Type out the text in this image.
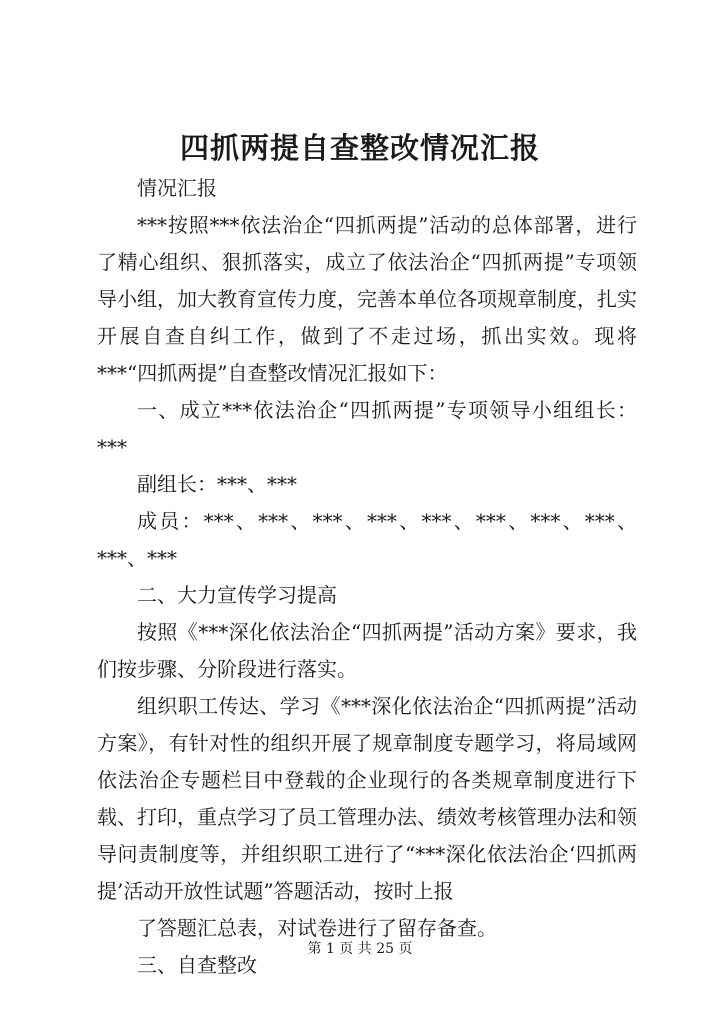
四抓两提自查整改情况汇报

情况汇报

***按照***依法治企“四抓两提”活动的总体部署，进行了精心组织、狠抓落实，成立了依法治企“四抓两提”专项领导小组，加大教育宣传力度，完善本单位各项规章制度，扎实开展自查自纠工作，做到了不走过场，抓出实效。现将***“四抓两提”自查整改情况汇报如下：

一、成立***依法治企“四抓两提”专项领导小组组长：***

副组长：***、***

成员：***、***、***、***、***、***、***、***、***、***

二、大力宣传学习提高

按照《***深化依法治企“四抓两提”活动方案》要求，我们按步骤、分阶段进行落实。

组织职工传达、学习《***深化依法治企“四抓两提”活动方案》，有针对性的组织开展了规章制度专题学习，将局域网依法治企专题栏目中登载的企业现行的各类规章制度进行下载、打印，重点学习了员工管理办法、绩效考核管理办法和领导问责制度等，并组织职工进行了“***深化依法治企‘四抓两提’活动开放性试题”答题活动，按时上报

了答题汇总表，对试卷进行了留存备查。

三、自查整改

第 1 页 共 25 页
